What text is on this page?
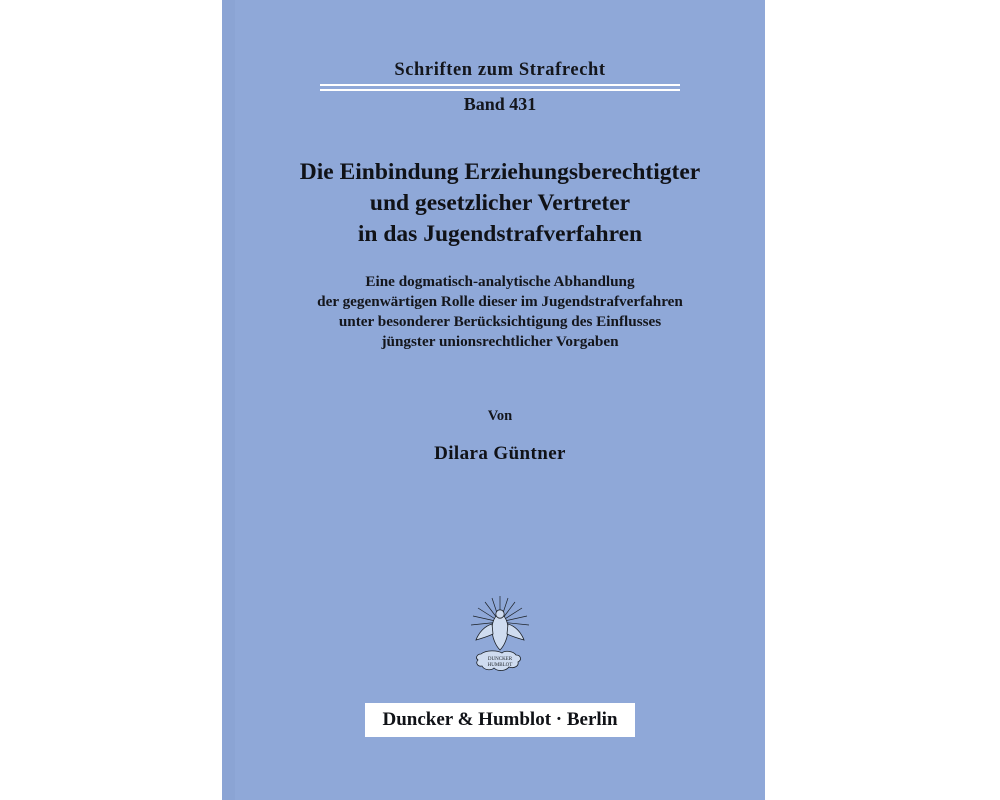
Schriften zum Strafrecht
Band 431
Die Einbindung Erziehungsberechtigter
und gesetzlicher Vertreter
in das Jugendstrafverfahren
Eine dogmatisch-analytische Abhandlung
der gegenwärtigen Rolle dieser im Jugendstrafverfahren
unter besonderer Berücksichtigung des Einflusses
jüngster unionsrechtlicher Vorgaben
Von
Dilara Güntner
DUNCKER
HUMBLOT
Duncker & Humblot · Berlin
